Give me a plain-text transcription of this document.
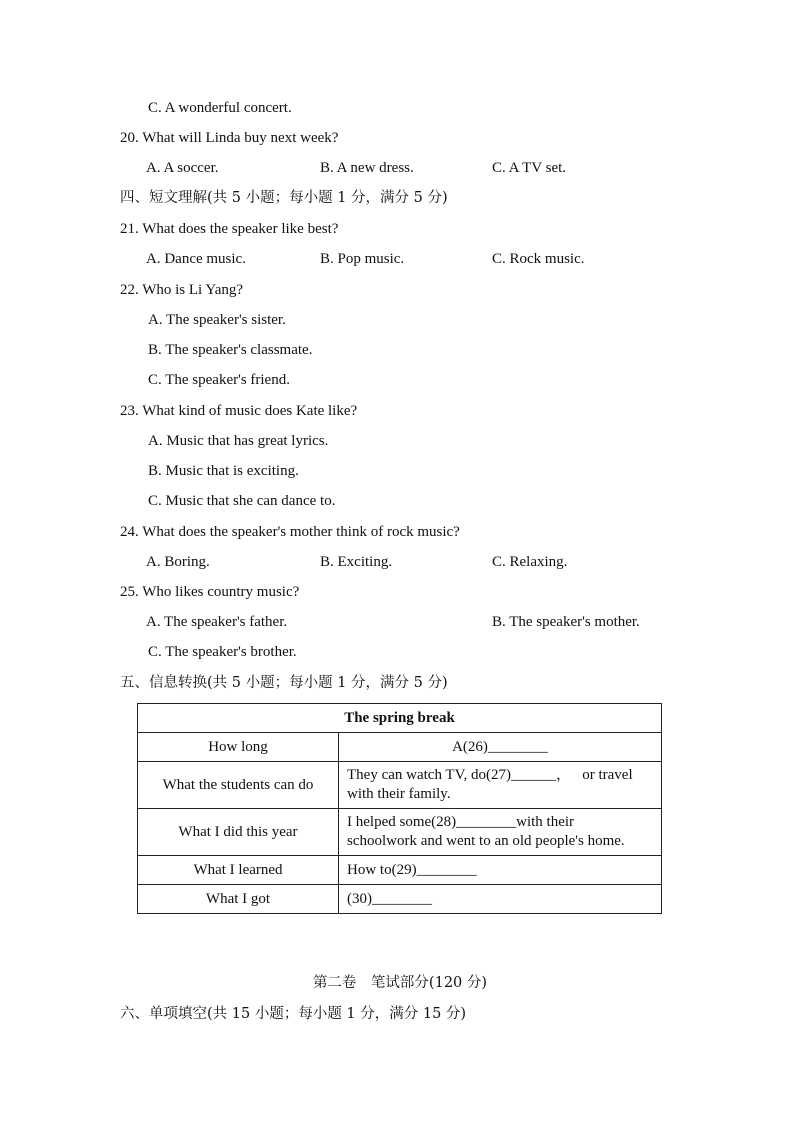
C. A wonderful concert.
20. What will Linda buy next week?
A. A soccer.	B. A new dress.	C. A TV set.
四、短文理解(共 5 小题；每小题 1 分，满分 5 分)
21. What does the speaker like best?
A. Dance music.	B. Pop music.	C. Rock music.
22. Who is Li Yang?
A. The speaker's sister.
B. The speaker's classmate.
C. The speaker's friend.
23. What kind of music does Kate like?
A. Music that has great lyrics.
B. Music that is exciting.
C. Music that she can dance to.
24. What does the speaker's mother think of rock music?
A. Boring.	B. Exciting.	C. Relaxing.
25. Who likes country music?
A. The speaker's father.	B. The speaker's mother.
C. The speaker's brother.
五、信息转换(共 5 小题；每小题 1 分，满分 5 分)
The spring break	
How long	A(26)________

What the students can do	They can watch TV, do(27)______，   or travel
with their family.

What I did this year	I helped some(28)________with their
schoolwork and went to an old people's home.

What I learned	How to(29)________

What I got	(30)________
第二卷　笔试部分(120 分)
六、单项填空(共 15 小题；每小题 1 分，满分 15 分)
